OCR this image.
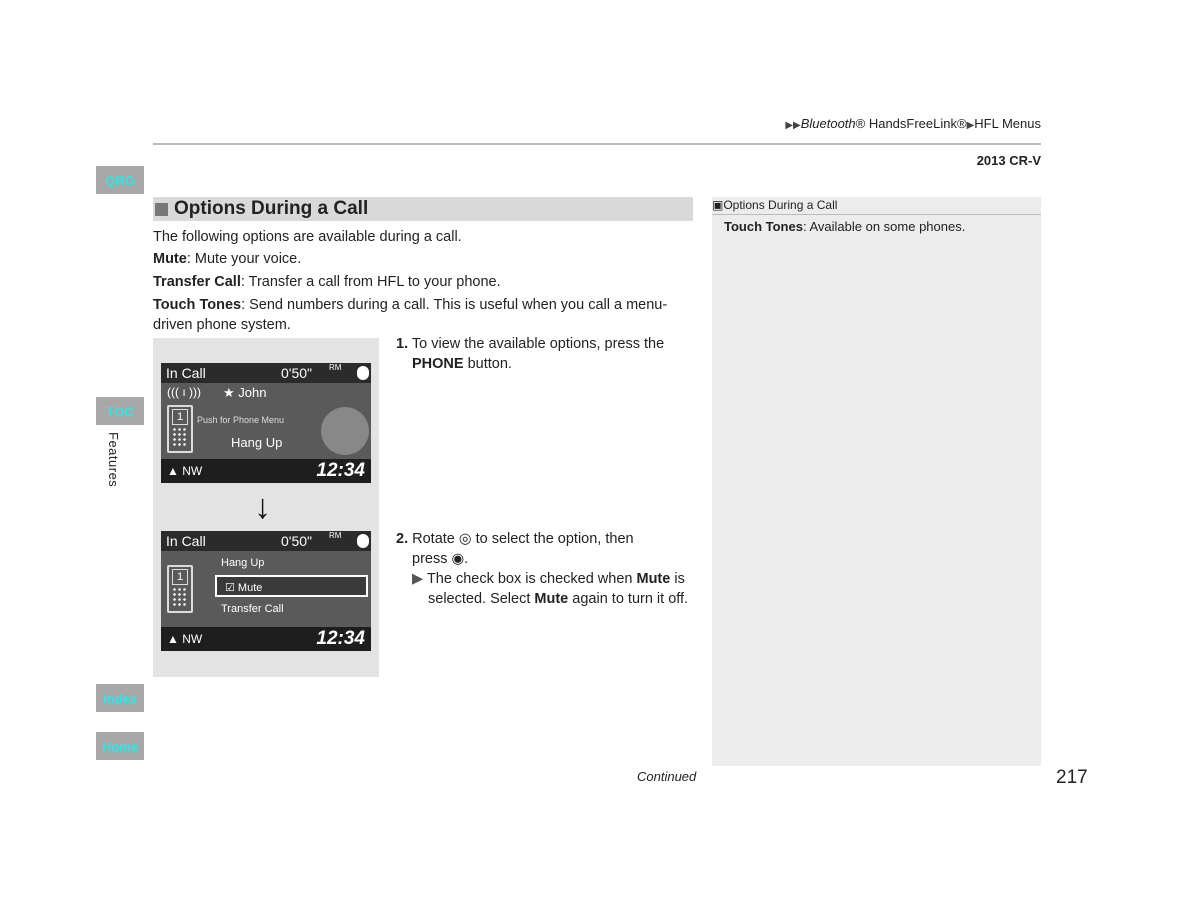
▶▶Bluetooth® HandsFreeLink®▶HFL Menus
2013 CR-V
QRG
TOC
Features
Index
Home
Options During a Call
The following options are available during a call.
Mute: Mute your voice.
Transfer Call: Transfer a call from HFL to your phone.
Touch Tones: Send numbers during a call. This is useful when you call a menu-driven phone system.
In Call	0'50" RM
((( ı ))) ★ John
1	Push for Phone Menu
Hang Up
▲ NW	12:34
In Call	0'50" RM
1
Hang Up
☑ Mute
Transfer Call
▲ NW	12:34
↓
1. To view the available options, press the
PHONE button.
2. Rotate ◎ to select the option, then
press ◉.
▶ The check box is checked when Mute is
selected. Select Mute again to turn it off.
▣Options During a Call
Touch Tones: Available on some phones.
Continued	217
